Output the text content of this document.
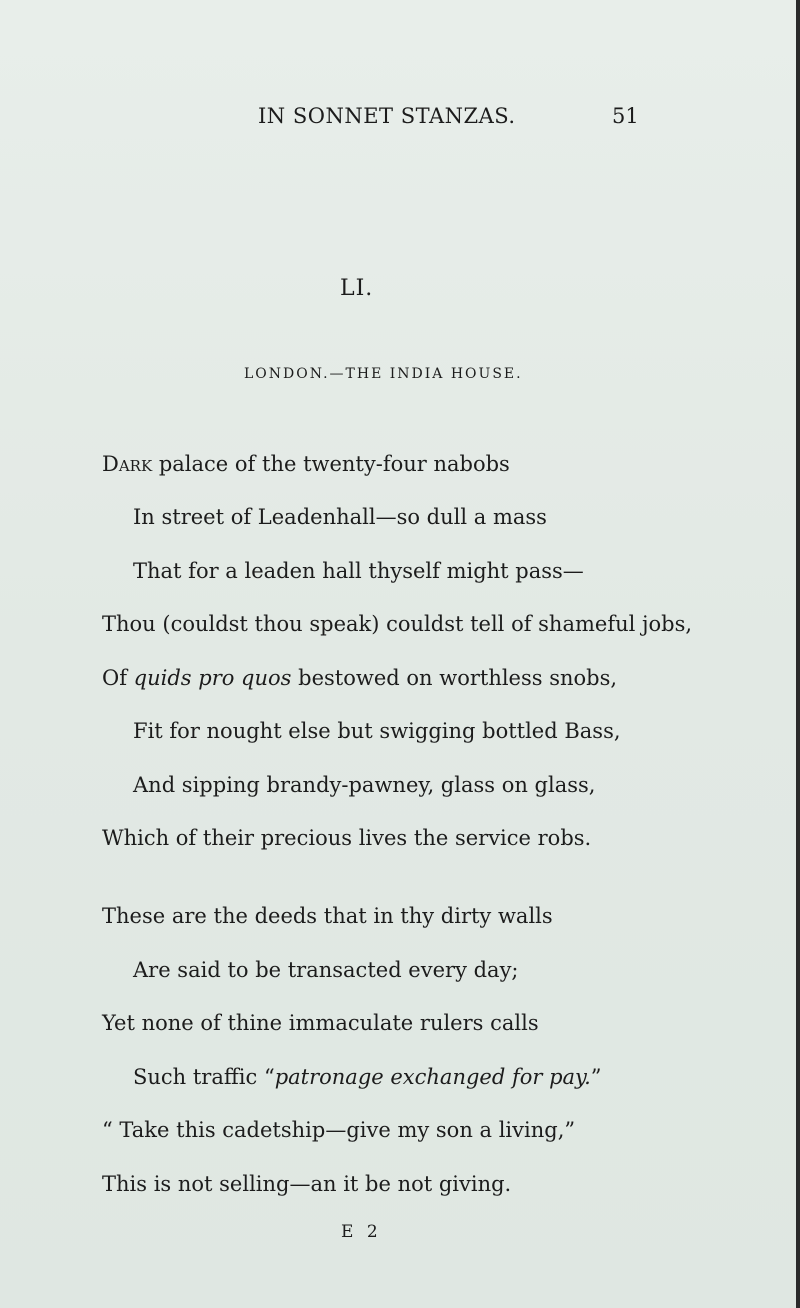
IN SONNET STANZAS.	51
LI.
LONDON.—THE INDIA HOUSE.
Dark palace of the twenty-four nabobs
In street of Leadenhall—so dull a mass
That for a leaden hall thyself might pass—
Thou (couldst thou speak) couldst tell of shameful jobs,
Of quids pro quos bestowed on worthless snobs,
Fit for nought else but swigging bottled Bass,
And sipping brandy-pawney, glass on glass,
Which of their precious lives the service robs.
These are the deeds that in thy dirty walls
Are said to be transacted every day;
Yet none of thine immaculate rulers calls
Such traffic “patronage exchanged for pay.”
“ Take this cadetship—give my son a living,”
This is not selling—an it be not giving.
E 2
